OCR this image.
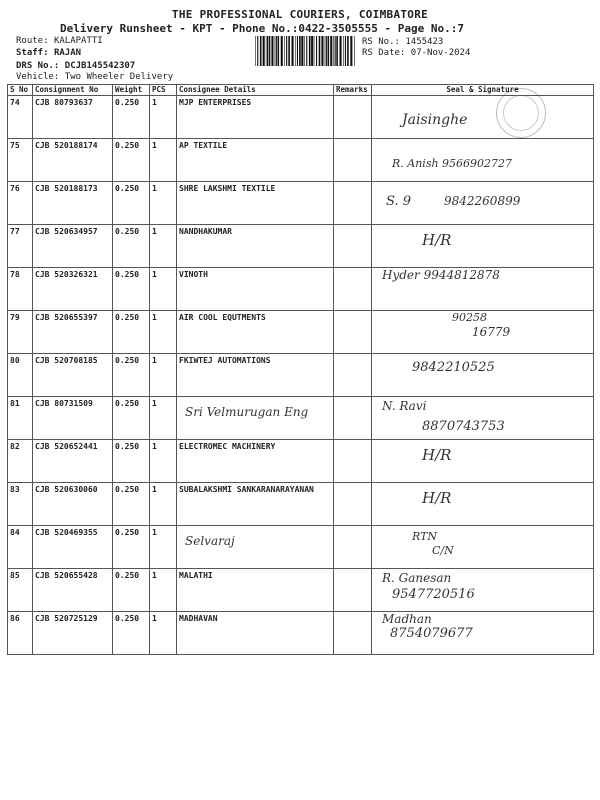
THE PROFESSIONAL COURIERS, COIMBATORE
Delivery Runsheet - KPT - Phone No.:0422-3505555 - Page No.:7
Route: KALAPATTI
Staff: RAJAN
DRS No.: DCJB145542307
Vehicle: Two Wheeler Delivery
RS No.: 1455423
RS Date: 07-Nov-2024
S No	Consignment No	Weight	PCS	Consignee Details	Remarks	Seal & Signature
74	CJB 80793637	0.250	1	MJP ENTERPRISES		Jaisinghe

75	CJB 520188174	0.250	1	AP TEXTILE		R. Anish 9566902727

76	CJB 520188173	0.250	1	SHRE LAKSHMI TEXTILE		S. 9 9842260899

77	CJB 520634957	0.250	1	NANDHAKUMAR		H/R

78	CJB 520326321	0.250	1	VINOTH		Hyder 9944812878

79	CJB 520655397	0.250	1	AIR COOL EQUTMENTS		90258
16779

80	CJB 520708185	0.250	1	FKIWTEJ AUTOMATIONS		9842210525

81	CJB 80731509	0.250	1	Sri Velmurugan Eng		N. Ravi
8870743753

82	CJB 520652441	0.250	1	ELECTROMEC MACHINERY		H/R

83	CJB 520630060	0.250	1	SUBALAKSHMI SANKARANARAYANAN		H/R

84	CJB 520469355	0.250	1	Selvaraj		RTN
C/N

85	CJB 520655428	0.250	1	MALATHI		R. Ganesan
9547720516

86	CJB 520725129	0.250	1	MADHAVAN		Madhan
8754079677
